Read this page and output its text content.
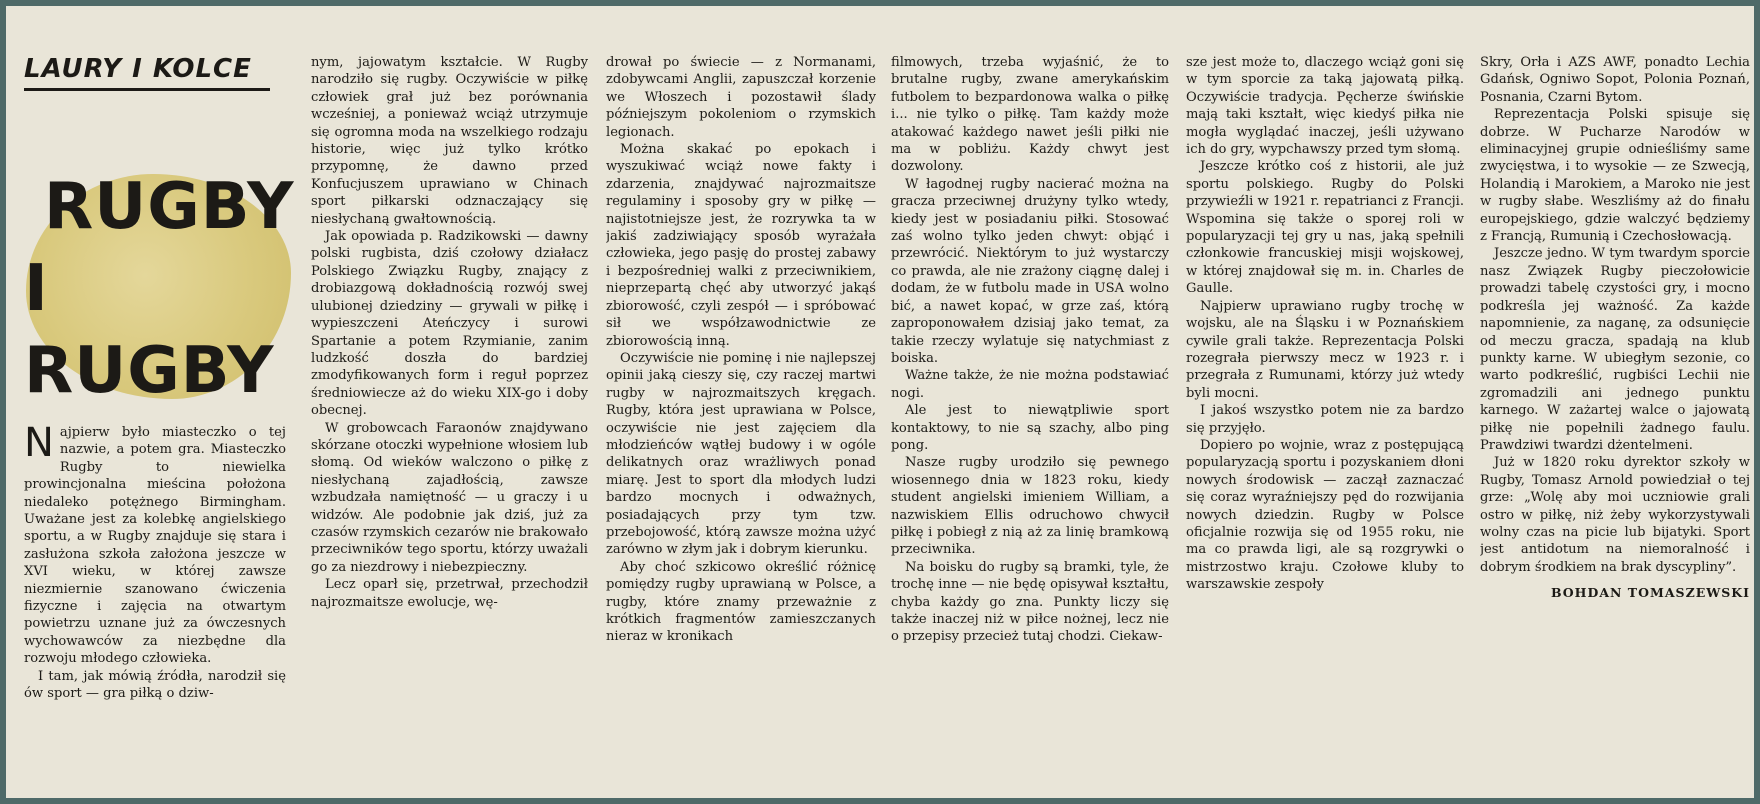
LAURY I KOLCE
RUGBY
I RUGBY

Najpierw było miasteczko o tej nazwie, a potem gra. Miasteczko Rugby to niewielka prowincjonalna mieścina położona niedaleko potężnego Birmingham. Uważane jest za kolebkę angielskiego sportu, a w Rugby znajduje się stara i zasłużona szkoła założona jeszcze w XVI wieku, w której zawsze niezmiernie szanowano ćwiczenia fizyczne i zajęcia na otwartym powietrzu uznane już za ówczesnych wychowawców za niezbędne dla rozwoju młodego człowieka.

I tam, jak mówią źródła, narodził się ów sport — gra piłką o dziw-

nym, jajowatym kształcie. W Rugby narodziło się rugby. Oczywiście w piłkę człowiek grał już bez porównania wcześniej, a ponieważ wciąż utrzymuje się ogromna moda na wszelkiego rodzaju historie, więc już tylko krótko przypomnę, że dawno przed Konfucjuszem uprawiano w Chinach sport piłkarski odznaczający się niesłychaną gwałtownością.

Jak opowiada p. Radzikowski — dawny polski rugbista, dziś czołowy działacz Polskiego Związku Rugby, znający z drobiazgową dokładnością rozwój swej ulubionej dziedziny — grywali w piłkę i wypieszczeni Ateńczycy i surowi Spartanie a potem Rzymianie, zanim ludzkość doszła do bardziej zmodyfikowanych form i reguł poprzez średniowiecze aż do wieku XIX-go i doby obecnej.

W grobowcach Faraonów znajdywano skórzane otoczki wypełnione włosiem lub słomą. Od wieków walczono o piłkę z niesłychaną zajadłością, zawsze wzbudzała namiętność — u graczy i u widzów. Ale podobnie jak dziś, już za czasów rzymskich cezarów nie brakowało przeciwników tego sportu, którzy uważali go za niezdrowy i niebezpieczny.

Lecz oparł się, przetrwał, przechodził najrozmaitsze ewolucje, wę-

drował po świecie — z Normanami, zdobywcami Anglii, zapuszczał korzenie we Włoszech i pozostawił ślady późniejszym pokoleniom o rzymskich legionach.

Można skakać po epokach i wyszukiwać wciąż nowe fakty i zdarzenia, znajdywać najrozmaitsze regulaminy i sposoby gry w piłkę — najistotniejsze jest, że rozrywka ta w jakiś zadziwiający sposób wyrażała człowieka, jego pasję do prostej zabawy i bezpośredniej walki z przeciwnikiem, nieprzepartą chęć aby utworzyć jakąś zbiorowość, czyli zespół — i spróbować sił we współzawodnictwie ze zbiorowością inną.

Oczywiście nie pominę i nie najlepszej opinii jaką cieszy się, czy raczej martwi rugby w najrozmaitszych kręgach. Rugby, która jest uprawiana w Polsce, oczywiście nie jest zajęciem dla młodzieńców wątłej budowy i w ogóle delikatnych oraz wrażliwych ponad miarę. Jest to sport dla młodych ludzi bardzo mocnych i odważnych, posiadających przy tym tzw. przebojowość, którą zawsze można użyć zarówno w złym jak i dobrym kierunku.

Aby choć szkicowo określić różnicę pomiędzy rugby uprawianą w Polsce, a rugby, które znamy przeważnie z krótkich fragmentów zamieszczanych nieraz w kronikach

filmowych, trzeba wyjaśnić, że to brutalne rugby, zwane amerykańskim futbolem to bezpardonowa walka o piłkę i... nie tylko o piłkę. Tam każdy może atakować każdego nawet jeśli piłki nie ma w pobliżu. Każdy chwyt jest dozwolony.

W łagodnej rugby nacierać można na gracza przeciwnej drużyny tylko wtedy, kiedy jest w posiadaniu piłki. Stosować zaś wolno tylko jeden chwyt: objąć i przewrócić. Niektórym to już wystarczy co prawda, ale nie zrażony ciągnę dalej i dodam, że w futbolu made in USA wolno bić, a nawet kopać, w grze zaś, którą zaproponowałem dzisiaj jako temat, za takie rzeczy wylatuje się natychmiast z boiska.

Ważne także, że nie można podstawiać nogi.

Ale jest to niewątpliwie sport kontaktowy, to nie są szachy, albo ping pong.

Nasze rugby urodziło się pewnego wiosennego dnia w 1823 roku, kiedy student angielski imieniem William, a nazwiskiem Ellis odruchowo chwycił piłkę i pobiegł z nią aż za linię bramkową przeciwnika.

Na boisku do rugby są bramki, tyle, że trochę inne — nie będę opisywał kształtu, chyba każdy go zna. Punkty liczy się także inaczej niż w piłce nożnej, lecz nie o przepisy przecież tutaj chodzi. Ciekaw-

sze jest może to, dlaczego wciąż goni się w tym sporcie za taką jajowatą piłką. Oczywiście tradycja. Pęcherze świńskie mają taki kształt, więc kiedyś piłka nie mogła wyglądać inaczej, jeśli używano ich do gry, wypchawszy przed tym słomą.

Jeszcze krótko coś z historii, ale już sportu polskiego. Rugby do Polski przywieźli w 1921 r. repatrianci z Francji. Wspomina się także o sporej roli w popularyzacji tej gry u nas, jaką spełnili członkowie francuskiej misji wojskowej, w której znajdował się m. in. Charles de Gaulle.

Najpierw uprawiano rugby trochę w wojsku, ale na Śląsku i w Poznańskiem cywile grali także. Reprezentacja Polski rozegrała pierwszy mecz w 1923 r. i przegrała z Rumunami, którzy już wtedy byli mocni.

I jakoś wszystko potem nie za bardzo się przyjęło.

Dopiero po wojnie, wraz z postępującą popularyzacją sportu i pozyskaniem dłoni nowych środowisk — zaczął zaznaczać się coraz wyraźniejszy pęd do rozwijania nowych dziedzin. Rugby w Polsce oficjalnie rozwija się od 1955 roku, nie ma co prawda ligi, ale są rozgrywki o mistrzostwo kraju. Czołowe kluby to warszawskie zespoły

Skry, Orła i AZS AWF, ponadto Lechia Gdańsk, Ogniwo Sopot, Polonia Poznań, Posnania, Czarni Bytom.

Reprezentacja Polski spisuje się dobrze. W Pucharze Narodów w eliminacyjnej grupie odnieśliśmy same zwycięstwa, i to wysokie — ze Szwecją, Holandią i Marokiem, a Maroko nie jest w rugby słabe. Weszliśmy aż do finału europejskiego, gdzie walczyć będziemy z Francją, Rumunią i Czechosłowacją.

Jeszcze jedno. W tym twardym sporcie nasz Związek Rugby pieczołowicie prowadzi tabelę czystości gry, i mocno podkreśla jej ważność. Za każde napomnienie, za naganę, za odsunięcie od meczu gracza, spadają na klub punkty karne. W ubiegłym sezonie, co warto podkreślić, rugbiści Lechii nie zgromadzili ani jednego punktu karnego. W zażartej walce o jajowatą piłkę nie popełnili żadnego faulu. Prawdziwi twardzi dżentelmeni.

Już w 1820 roku dyrektor szkoły w Rugby, Tomasz Arnold powiedział o tej grze: „Wolę aby moi uczniowie grali ostro w piłkę, niż żeby wykorzystywali wolny czas na picie lub bijatyki. Sport jest antidotum na niemoralność i dobrym środkiem na brak dyscypliny”.

BOHDAN TOMASZEWSKI
